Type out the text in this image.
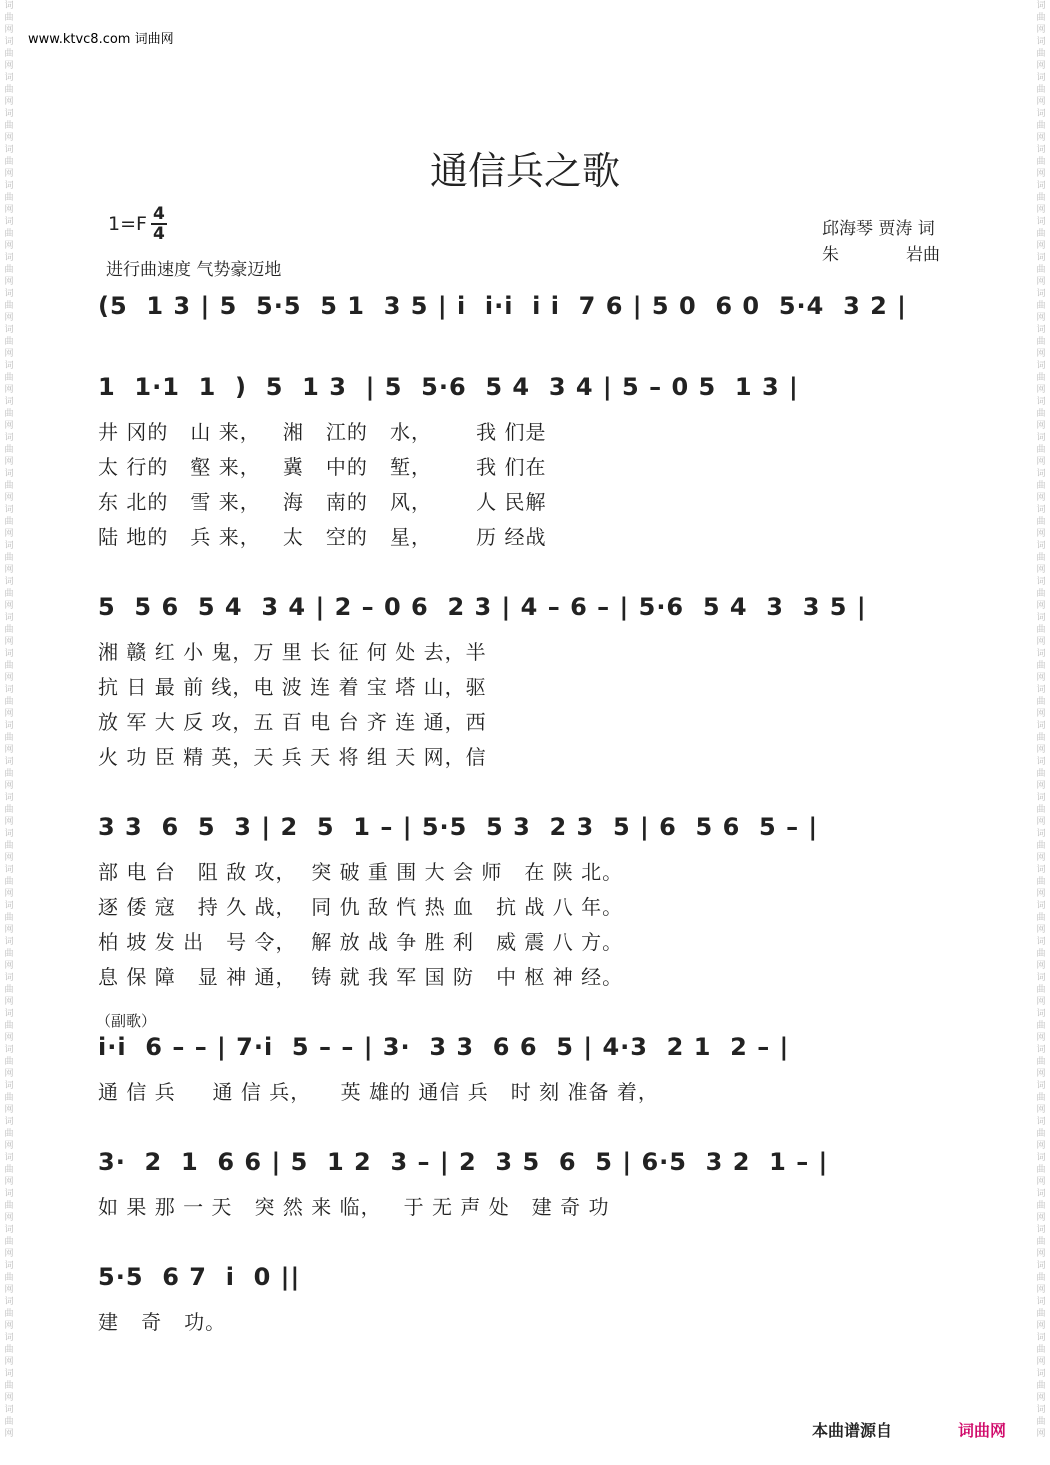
词曲网 词曲网 词曲网 词曲网 词曲网 词曲网 词曲网 词曲网 词曲网 词曲网 词曲网 词曲网 词曲网 词曲网 词曲网 词曲网 词曲网 词曲网 词曲网 词曲网 词曲网 词曲网 词曲网 词曲网 词曲网 词曲网 词曲网 词曲网 词曲网 词曲网 词曲网 词曲网 词曲网 词曲网 词曲网 词曲网 词曲网 词曲网 词曲网 词曲网
词曲网 词曲网 词曲网 词曲网 词曲网 词曲网 词曲网 词曲网 词曲网 词曲网 词曲网 词曲网 词曲网 词曲网 词曲网 词曲网 词曲网 词曲网 词曲网 词曲网 词曲网 词曲网 词曲网 词曲网 词曲网 词曲网 词曲网 词曲网 词曲网 词曲网 词曲网 词曲网 词曲网 词曲网 词曲网 词曲网 词曲网 词曲网 词曲网 词曲网
www.ktvc8.com 词曲网
通信兵之歌
$1=F \frac{4}{4}$
进行曲速度 气势豪迈地
邱海琴 贾涛 词
朱	岩曲
(5  1 3 | 5  5·5  5 1  3 5 | i  i·i  i i  7 6 | 5 0  6 0  5·4  3 2 |
1  1·1  1  )  5  1 3  | 5  5·6  5 4  3 4 | 5 – 0 5  1 3 |
井 冈的   山 来，   湘   江的   水，      我 们是
太 行的   壑 来，   冀   中的   堑，      我 们在
东 北的   雪 来，   海   南的   风，      人 民解
陆 地的   兵 来，   太   空的   星，      历 经战
5  5 6  5 4  3 4 | 2 – 0 6  2 3 | 4 – 6 – | 5·6  5 4  3  3 5 |
湘 赣 红 小 鬼，万 里 长 征 何 处 去，半
抗 日 最 前 线，电 波 连 着 宝 塔 山，驱
放 军 大 反 攻，五 百 电 台 齐 连 通，西
火 功 臣 精 英，天 兵 天 将 组 天 网，信
3 3  6  5  3 | 2  5  1 – | 5·5  5 3  2 3  5 | 6  5 6  5 – |
部 电 台   阻 敌 攻，  突 破 重 围 大 会 师   在 陕 北。
逐 倭 寇   持 久 战，  同 仇 敌 忾 热 血   抗 战 八 年。
柏 坡 发 出   号 令，  解 放 战 争 胜 利   威 震 八 方。
息 保 障   显 神 通，  铸 就 我 军 国 防   中 枢 神 经。
（副歌）
i·i  6 – – | 7·i  5 – – | 3·  3 3  6 6  5 | 4·3  2 1  2 – |
通 信 兵     通 信 兵，    英 雄的 通信 兵   时 刻 准备 着，
3·  2  1  6 6 | 5  1 2  3 – | 2  3 5  6  5 | 6·5  3 2  1 – |
如 果 那 一 天   突 然 来 临，   于 无 声 处   建 奇 功
5·5  6 7  i  0 ||
建   奇   功。
本曲谱源自	词曲网
